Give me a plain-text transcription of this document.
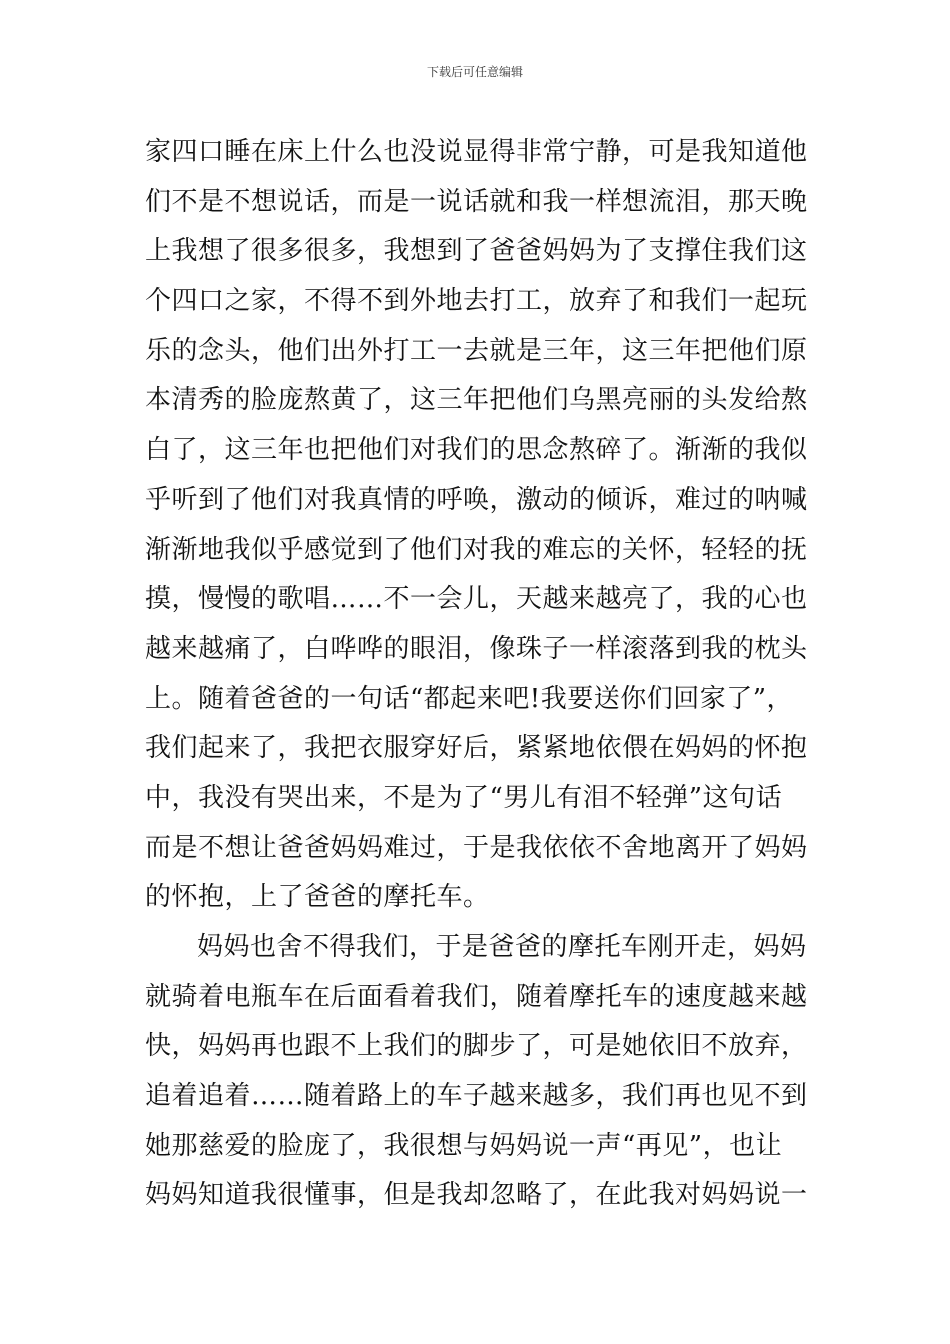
下载后可任意编辑
家四口睡在床上什么也没说显得非常宁静，可是我知道他
们不是不想说话，而是一说话就和我一样想流泪，那天晚
上我想了很多很多，我想到了爸爸妈妈为了支撑住我们这
个四口之家，不得不到外地去打工，放弃了和我们一起玩
乐的念头，他们出外打工一去就是三年，这三年把他们原
本清秀的脸庞熬黄了，这三年把他们乌黑亮丽的头发给熬
白了，这三年也把他们对我们的思念熬碎了。渐渐的我似
乎听到了他们对我真情的呼唤，激动的倾诉，难过的呐喊
渐渐地我似乎感觉到了他们对我的难忘的关怀，轻轻的抚
摸，慢慢的歌唱……不一会儿，天越来越亮了，我的心也
越来越痛了，白哗哗的眼泪，像珠子一样滚落到我的枕头
上。随着爸爸的一句话“都起来吧!我要送你们回家了”，
我们起来了，我把衣服穿好后，紧紧地依偎在妈妈的怀抱
中，我没有哭出来，不是为了“男儿有泪不轻弹”这句话
而是不想让爸爸妈妈难过，于是我依依不舍地离开了妈妈
的怀抱，上了爸爸的摩托车。
妈妈也舍不得我们，于是爸爸的摩托车刚开走，妈妈
就骑着电瓶车在后面看着我们，随着摩托车的速度越来越
快，妈妈再也跟不上我们的脚步了，可是她依旧不放弃，
追着追着……随着路上的车子越来越多，我们再也见不到
她那慈爱的脸庞了，我很想与妈妈说一声“再见”，也让
妈妈知道我很懂事，但是我却忽略了，在此我对妈妈说一
